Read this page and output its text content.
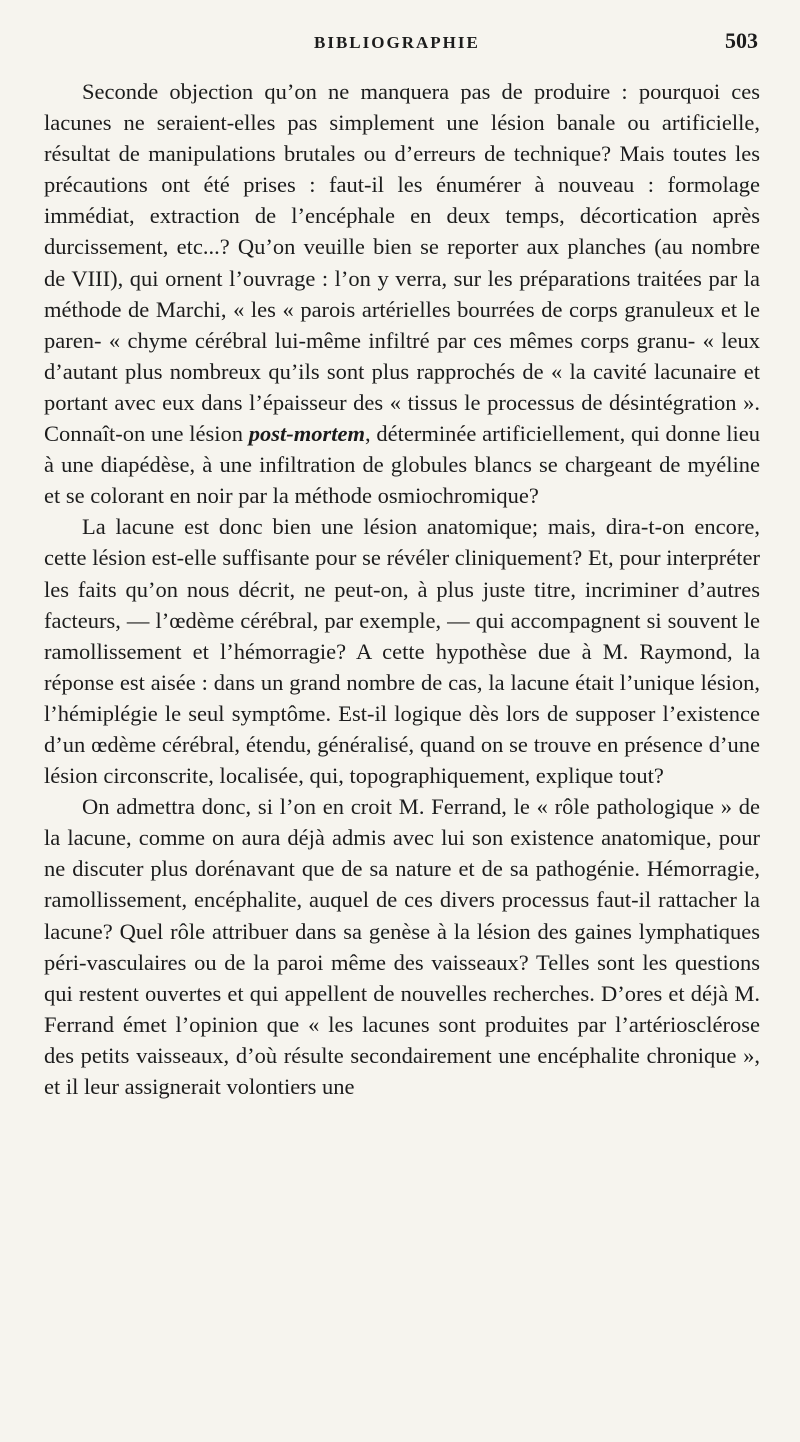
BIBLIOGRAPHIE	503

Seconde objection qu’on ne manquera pas de produire : pourquoi ces lacunes ne seraient-elles pas simplement une lésion banale ou artificielle, résultat de manipulations brutales ou d’erreurs de technique? Mais toutes les précautions ont été prises : faut-il les énumérer à nouveau : formolage immédiat, extraction de l’encéphale en deux temps, décortication après durcissement, etc...? Qu’on veuille bien se reporter aux planches (au nombre de VIII), qui ornent l’ouvrage : l’on y verra, sur les préparations traitées par la méthode de Marchi, « les « parois artérielles bourrées de corps granuleux et le paren- « chyme cérébral lui-même infiltré par ces mêmes corps granu- « leux d’autant plus nombreux qu’ils sont plus rapprochés de « la cavité lacunaire et portant avec eux dans l’épaisseur des « tissus le processus de désintégration ». Connaît-on une lésion post-mortem, déterminée artificiellement, qui donne lieu à une diapédèse, à une infiltration de globules blancs se chargeant de myéline et se colorant en noir par la méthode osmiochromique?

La lacune est donc bien une lésion anatomique; mais, dira-t-on encore, cette lésion est-elle suffisante pour se révéler cliniquement? Et, pour interpréter les faits qu’on nous décrit, ne peut-on, à plus juste titre, incriminer d’autres facteurs, — l’œdème cérébral, par exemple, — qui accompagnent si souvent le ramollissement et l’hémorragie? A cette hypothèse due à M. Raymond, la réponse est aisée : dans un grand nombre de cas, la lacune était l’unique lésion, l’hémiplégie le seul symptôme. Est-il logique dès lors de supposer l’existence d’un œdème cérébral, étendu, généralisé, quand on se trouve en présence d’une lésion circonscrite, localisée, qui, topographiquement, explique tout?

On admettra donc, si l’on en croit M. Ferrand, le « rôle pathologique » de la lacune, comme on aura déjà admis avec lui son existence anatomique, pour ne discuter plus dorénavant que de sa nature et de sa pathogénie. Hémorragie, ramollissement, encéphalite, auquel de ces divers processus faut-il rattacher la lacune? Quel rôle attribuer dans sa genèse à la lésion des gaines lymphatiques péri-vasculaires ou de la paroi même des vaisseaux? Telles sont les questions qui restent ouvertes et qui appellent de nouvelles recherches. D’ores et déjà M. Ferrand émet l’opinion que « les lacunes sont produites par l’artériosclérose des petits vaisseaux, d’où résulte secondairement une encéphalite chronique », et il leur assignerait volontiers une
